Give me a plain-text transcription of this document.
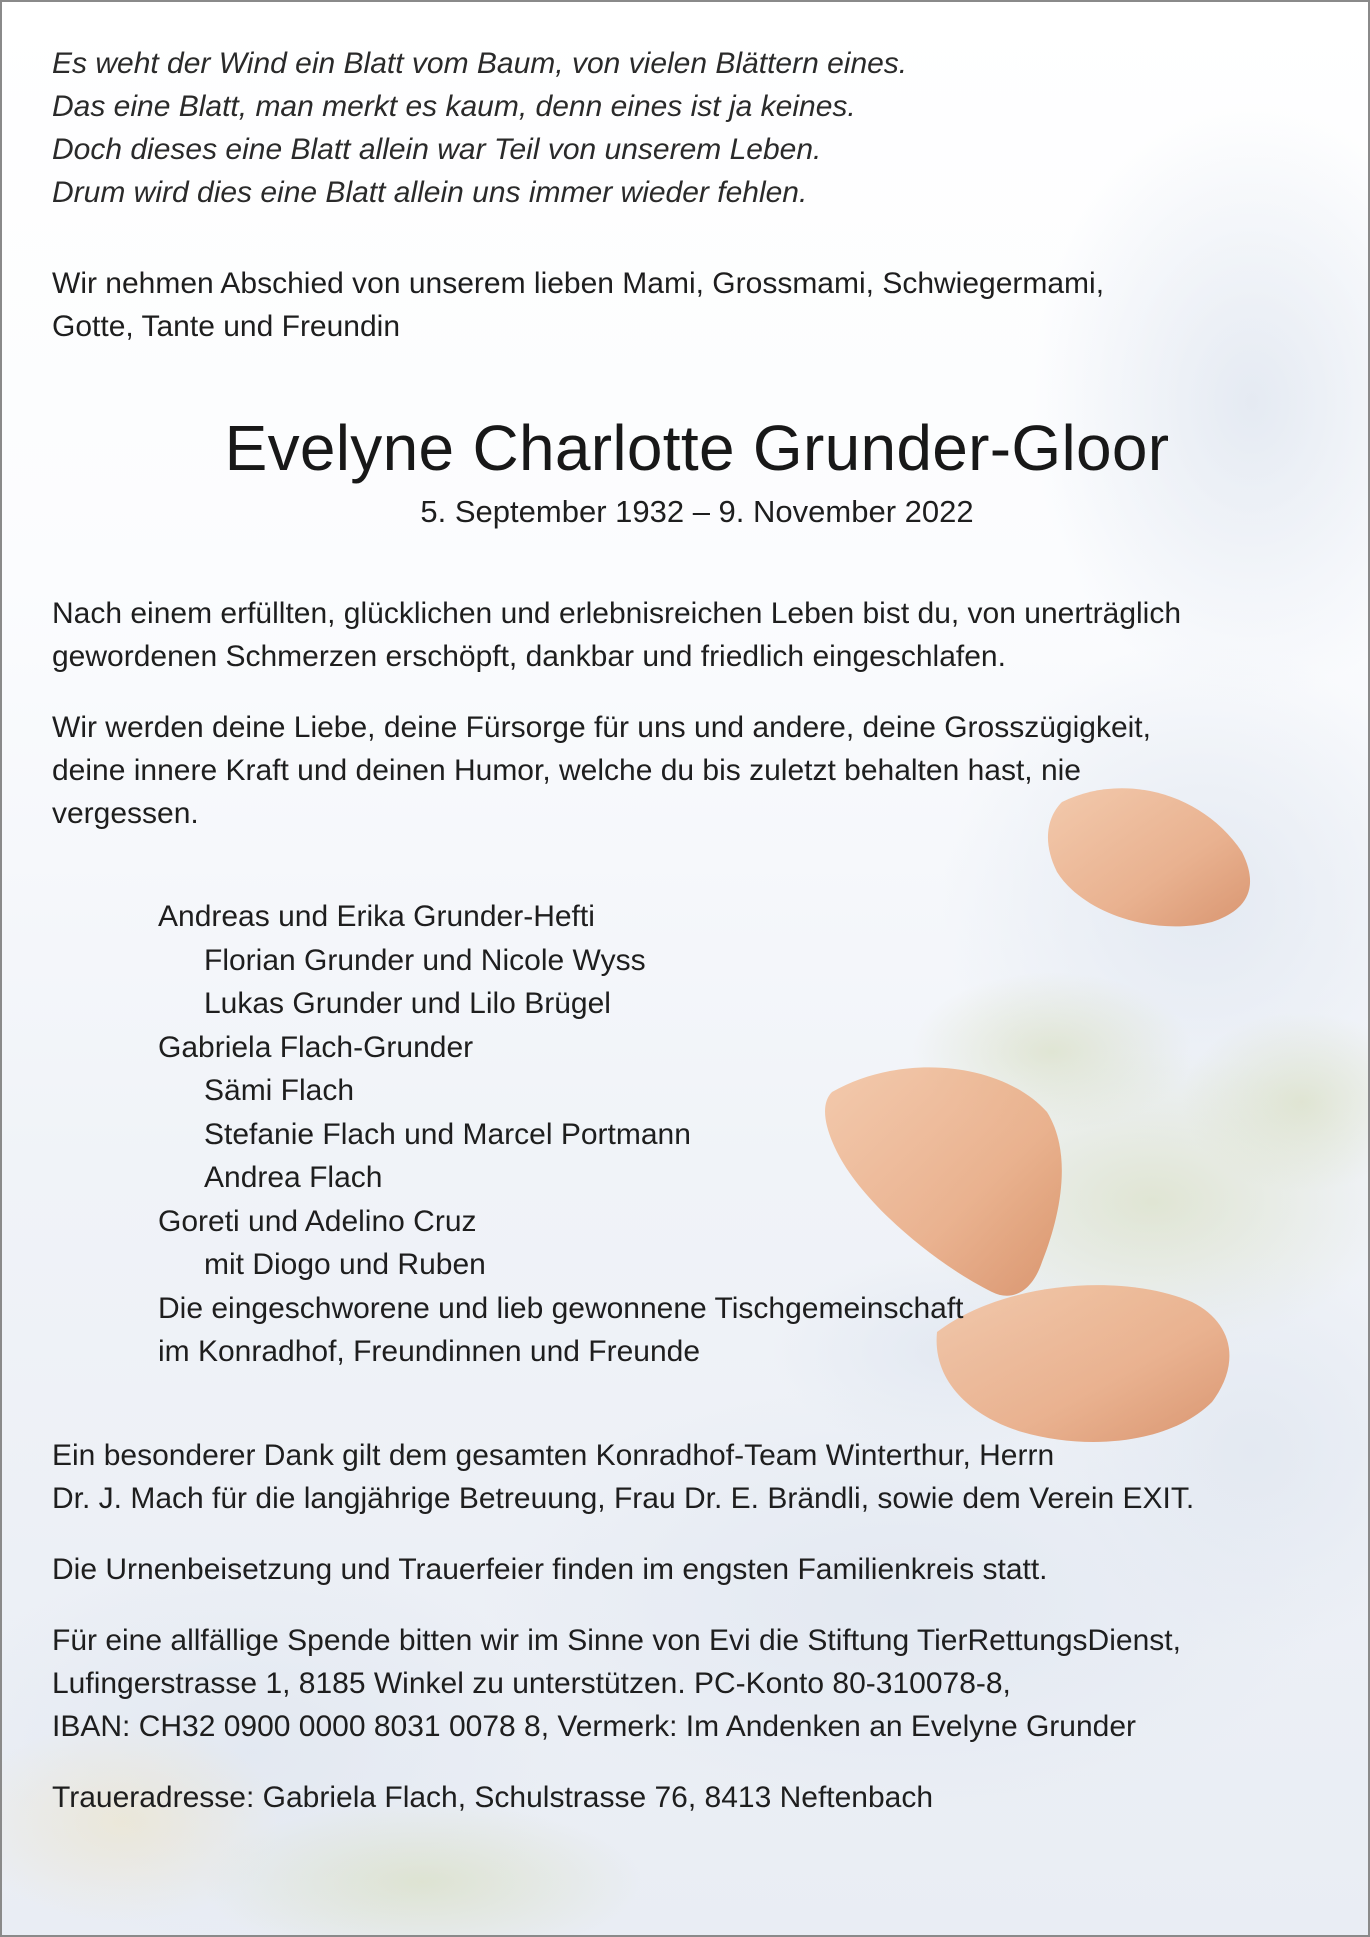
Es weht der Wind ein Blatt vom Baum, von vielen Blättern eines.
Das eine Blatt, man merkt es kaum, denn eines ist ja keines.
Doch dieses eine Blatt allein war Teil von unserem Leben.
Drum wird dies eine Blatt allein uns immer wieder fehlen.
Wir nehmen Abschied von unserem lieben Mami, Grossmami, Schwiegermami,
Gotte, Tante und Freundin
Evelyne Charlotte Grunder-Gloor
5. September 1932 – 9. November 2022
Nach einem erfüllten, glücklichen und erlebnisreichen Leben bist du, von unerträglich
gewordenen Schmerzen erschöpft, dankbar und friedlich eingeschlafen.
Wir werden deine Liebe, deine Fürsorge für uns und andere, deine Grosszügigkeit,
deine innere Kraft und deinen Humor, welche du bis zuletzt behalten hast, nie
vergessen.
Andreas und Erika Grunder-Hefti
Florian Grunder und Nicole Wyss
Lukas Grunder und Lilo Brügel
Gabriela Flach-Grunder
Sämi Flach
Stefanie Flach und Marcel Portmann
Andrea Flach
Goreti und Adelino Cruz
mit Diogo und Ruben
Die eingeschworene und lieb gewonnene Tischgemeinschaft
im Konradhof, Freundinnen und Freunde
Ein besonderer Dank gilt dem gesamten Konradhof-Team Winterthur, Herrn
Dr. J. Mach für die langjährige Betreuung, Frau Dr. E. Brändli, sowie dem Verein EXIT.
Die Urnenbeisetzung und Trauerfeier finden im engsten Familienkreis statt.
Für eine allfällige Spende bitten wir im Sinne von Evi die Stiftung TierRettungsDienst,
Lufingerstrasse 1, 8185 Winkel zu unterstützen. PC-Konto 80-310078-8,
IBAN: CH32 0900 0000 8031 0078 8, Vermerk: Im Andenken an Evelyne Grunder
Traueradresse: Gabriela Flach, Schulstrasse 76, 8413 Neftenbach
